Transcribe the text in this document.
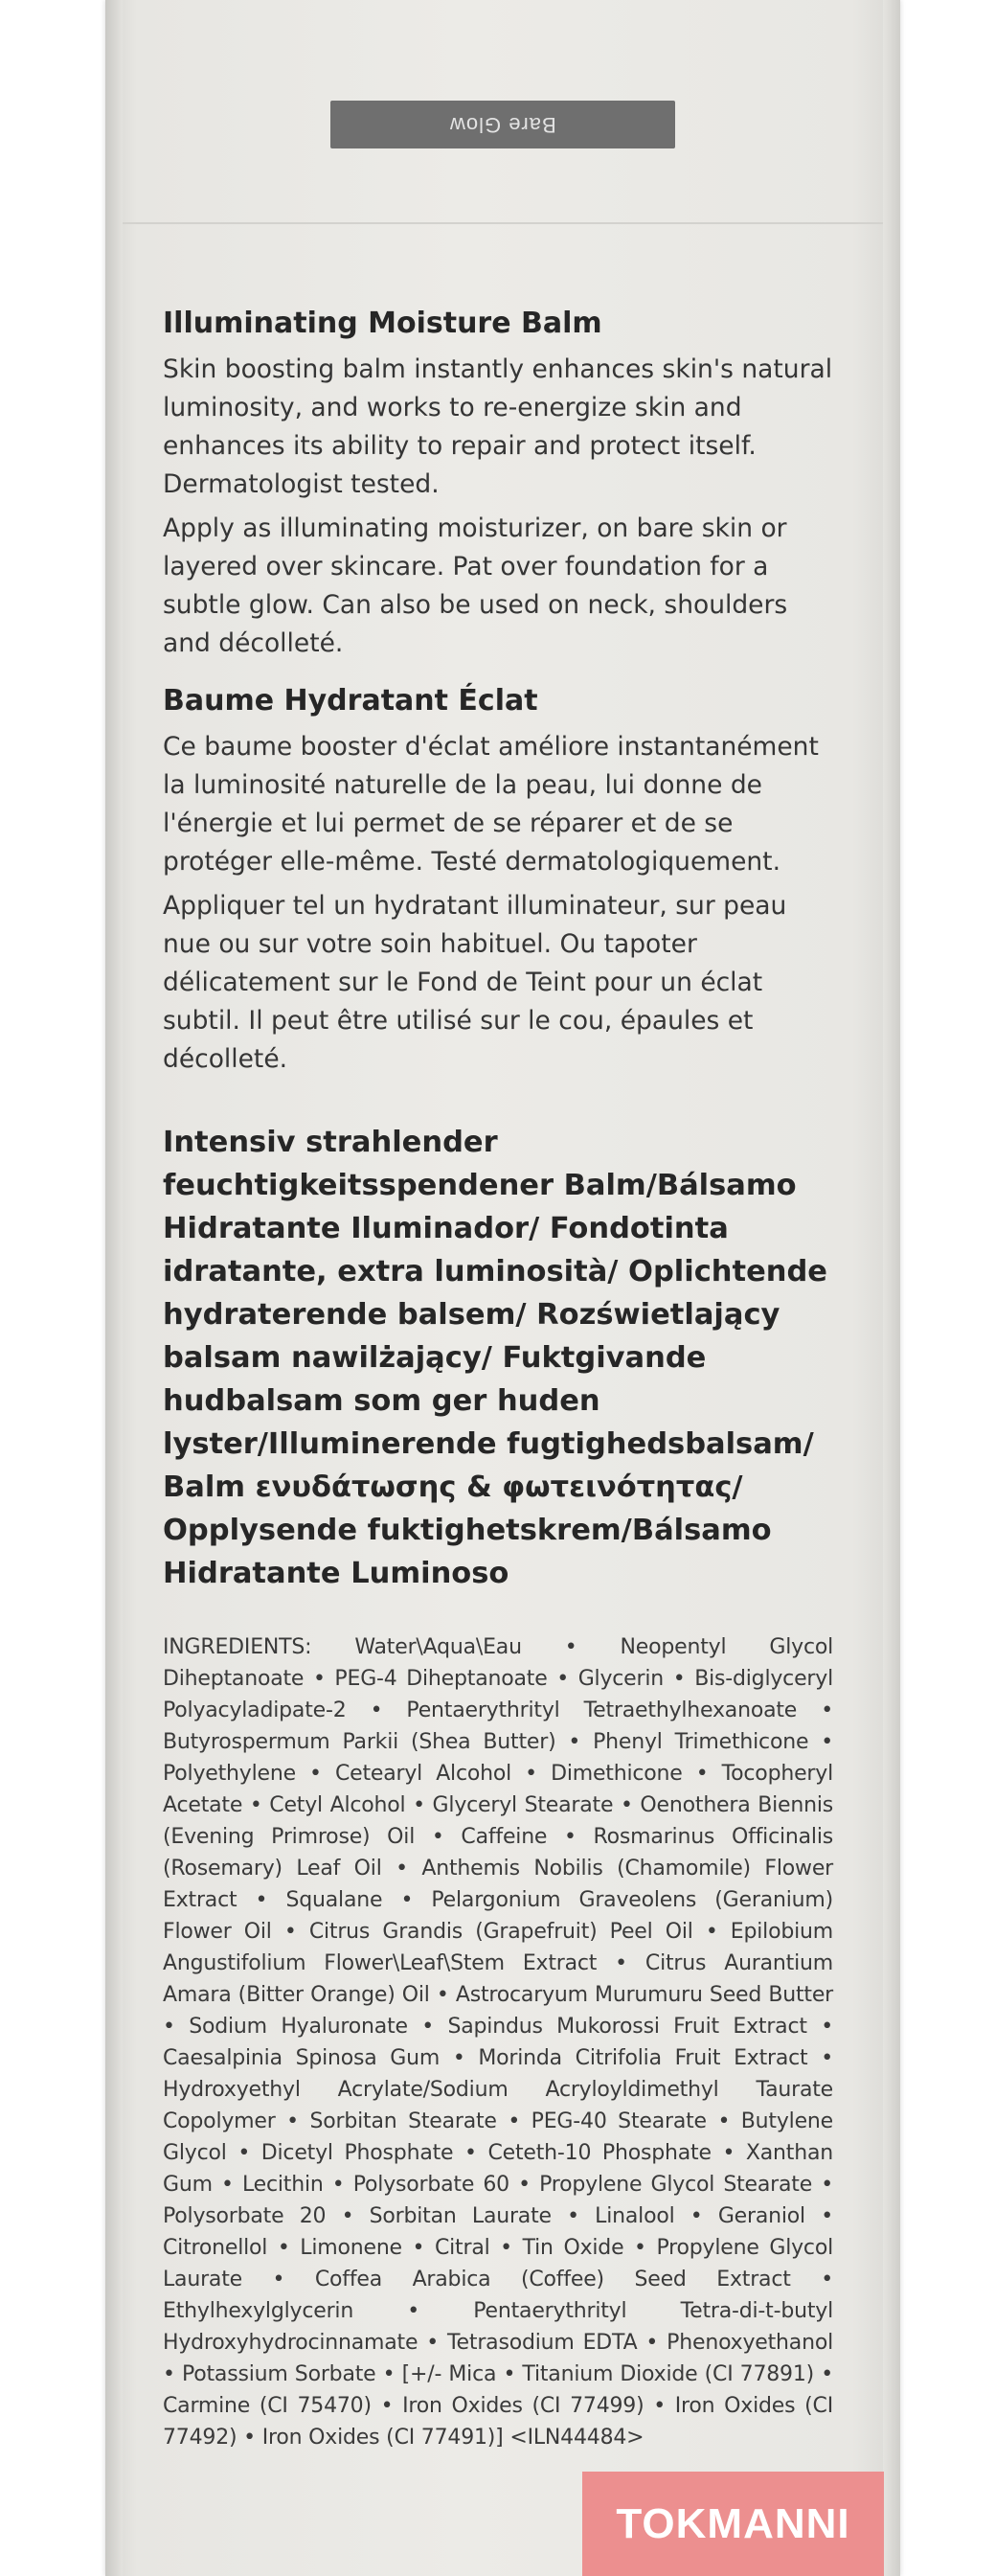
Bare Glow
Illuminating Moisture Balm

Skin boosting balm instantly enhances skin's natural luminosity, and works to re-energize skin and enhances its ability to repair and protect itself. Dermatologist tested.

Apply as illuminating moisturizer, on bare skin or layered over skincare. Pat over foundation for a subtle glow. Can also be used on neck, shoulders and décolleté.

Baume Hydratant Éclat

Ce baume booster d'éclat améliore instantanément la luminosité naturelle de la peau, lui donne de l'énergie et lui permet de se réparer et de se protéger elle-même. Testé dermatologiquement.

Appliquer tel un hydratant illuminateur, sur peau nue ou sur votre soin habituel. Ou tapoter délicatement sur le Fond de Teint pour un éclat subtil. Il peut être utilisé sur le cou, épaules et décolleté.

Intensiv strahlender feuchtigkeitsspendener Balm/Bálsamo Hidratante Iluminador/ Fondotinta idratante, extra luminosità/ Oplichtende hydraterende balsem/ Rozświetlający balsam nawilżający/ Fuktgivande hudbalsam som ger huden lyster/Illuminerende fugtighedsbalsam/ Balm ενυδάτωσης & φωτεινότητας/ Opplysende fuktighetskrem/Bálsamo Hidratante Luminoso

INGREDIENTS: Water\Aqua\Eau • Neopentyl Glycol Diheptanoate • PEG-4 Diheptanoate • Glycerin • Bis-diglyceryl Polyacyladipate-2 • Pentaerythrityl Tetraethylhexanoate • Butyrospermum Parkii (Shea Butter) • Phenyl Trimethicone • Polyethylene • Cetearyl Alcohol • Dimethicone • Tocopheryl Acetate • Cetyl Alcohol • Glyceryl Stearate • Oenothera Biennis (Evening Primrose) Oil • Caffeine • Rosmarinus Officinalis (Rosemary) Leaf Oil • Anthemis Nobilis (Chamomile) Flower Extract • Squalane • Pelargonium Graveolens (Geranium) Flower Oil • Citrus Grandis (Grapefruit) Peel Oil • Epilobium Angustifolium Flower\Leaf\Stem Extract • Citrus Aurantium Amara (Bitter Orange) Oil • Astrocaryum Murumuru Seed Butter • Sodium Hyaluronate • Sapindus Mukorossi Fruit Extract • Caesalpinia Spinosa Gum • Morinda Citrifolia Fruit Extract • Hydroxyethyl Acrylate/Sodium Acryloyldimethyl Taurate Copolymer • Sorbitan Stearate • PEG-40 Stearate • Butylene Glycol • Dicetyl Phosphate • Ceteth-10 Phosphate • Xanthan Gum • Lecithin • Polysorbate 60 • Propylene Glycol Stearate • Polysorbate 20 • Sorbitan Laurate • Linalool • Geraniol • Citronellol • Limonene • Citral • Tin Oxide • Propylene Glycol Laurate • Coffea Arabica (Coffee) Seed Extract • Ethylhexylglycerin • Pentaerythrityl Tetra-di-t-butyl Hydroxyhydrocinnamate • Tetrasodium EDTA • Phenoxyethanol • Potassium Sorbate • [+/- Mica • Titanium Dioxide (CI 77891) • Carmine (CI 75470) • Iron Oxides (CI 77499) • Iron Oxides (CI 77492) • Iron Oxides (CI 77491)] <ILN44484>

TOKMANNI
